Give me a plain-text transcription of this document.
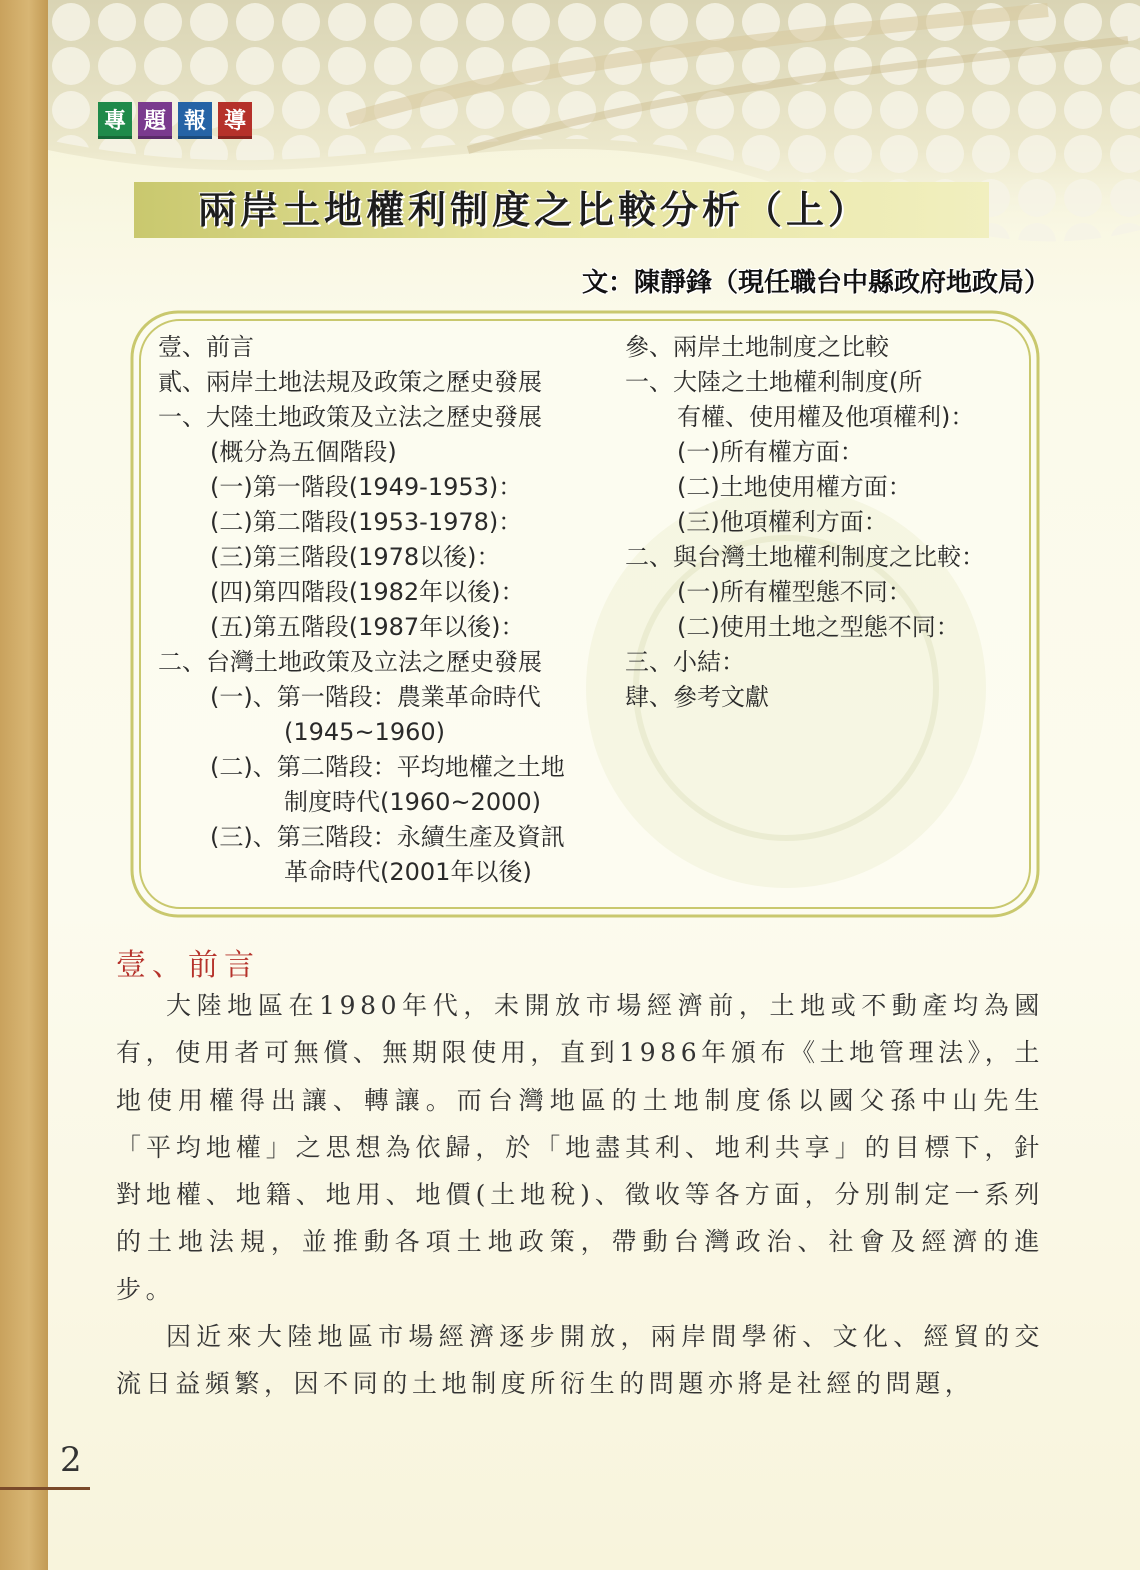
專 題 報 導
兩岸土地權利制度之比較分析（上）
文：陳靜鋒（現任職台中縣政府地政局）
壹、前言
貳、兩岸土地法規及政策之歷史發展
一、大陸土地政策及立法之歷史發展
(概分為五個階段)
(一)第一階段(1949-1953)：
(二)第二階段(1953-1978)：
(三)第三階段(1978以後)：
(四)第四階段(1982年以後)：
(五)第五階段(1987年以後)：
二、台灣土地政策及立法之歷史發展
(一)、第一階段：農業革命時代
(1945~1960)
(二)、第二階段：平均地權之土地
制度時代(1960~2000)
(三)、第三階段：永續生產及資訊
革命時代(2001年以後)
參、兩岸土地制度之比較
一、大陸之土地權利制度(所
有權、使用權及他項權利)：
(一)所有權方面：
(二)土地使用權方面：
(三)他項權利方面：
二、與台灣土地權利制度之比較：
(一)所有權型態不同：
(二)使用土地之型態不同：
三、小結：
肆、參考文獻
壹、前言

大陸地區在1980年代，未開放市場經濟前，土地或不動產均為國有，使用者可無償、無期限使用，直到1986年頒布《土地管理法》，土地使用權得出讓、轉讓。而台灣地區的土地制度係以國父孫中山先生「平均地權」之思想為依歸，於「地盡其利、地利共享」的目標下，針對地權、地籍、地用、地價(土地稅)、徵收等各方面，分別制定一系列的土地法規，並推動各項土地政策，帶動台灣政治、社會及經濟的進步。

因近來大陸地區市場經濟逐步開放，兩岸間學術、文化、經貿的交流日益頻繁，因不同的土地制度所衍生的問題亦將是社經的問題，

2
